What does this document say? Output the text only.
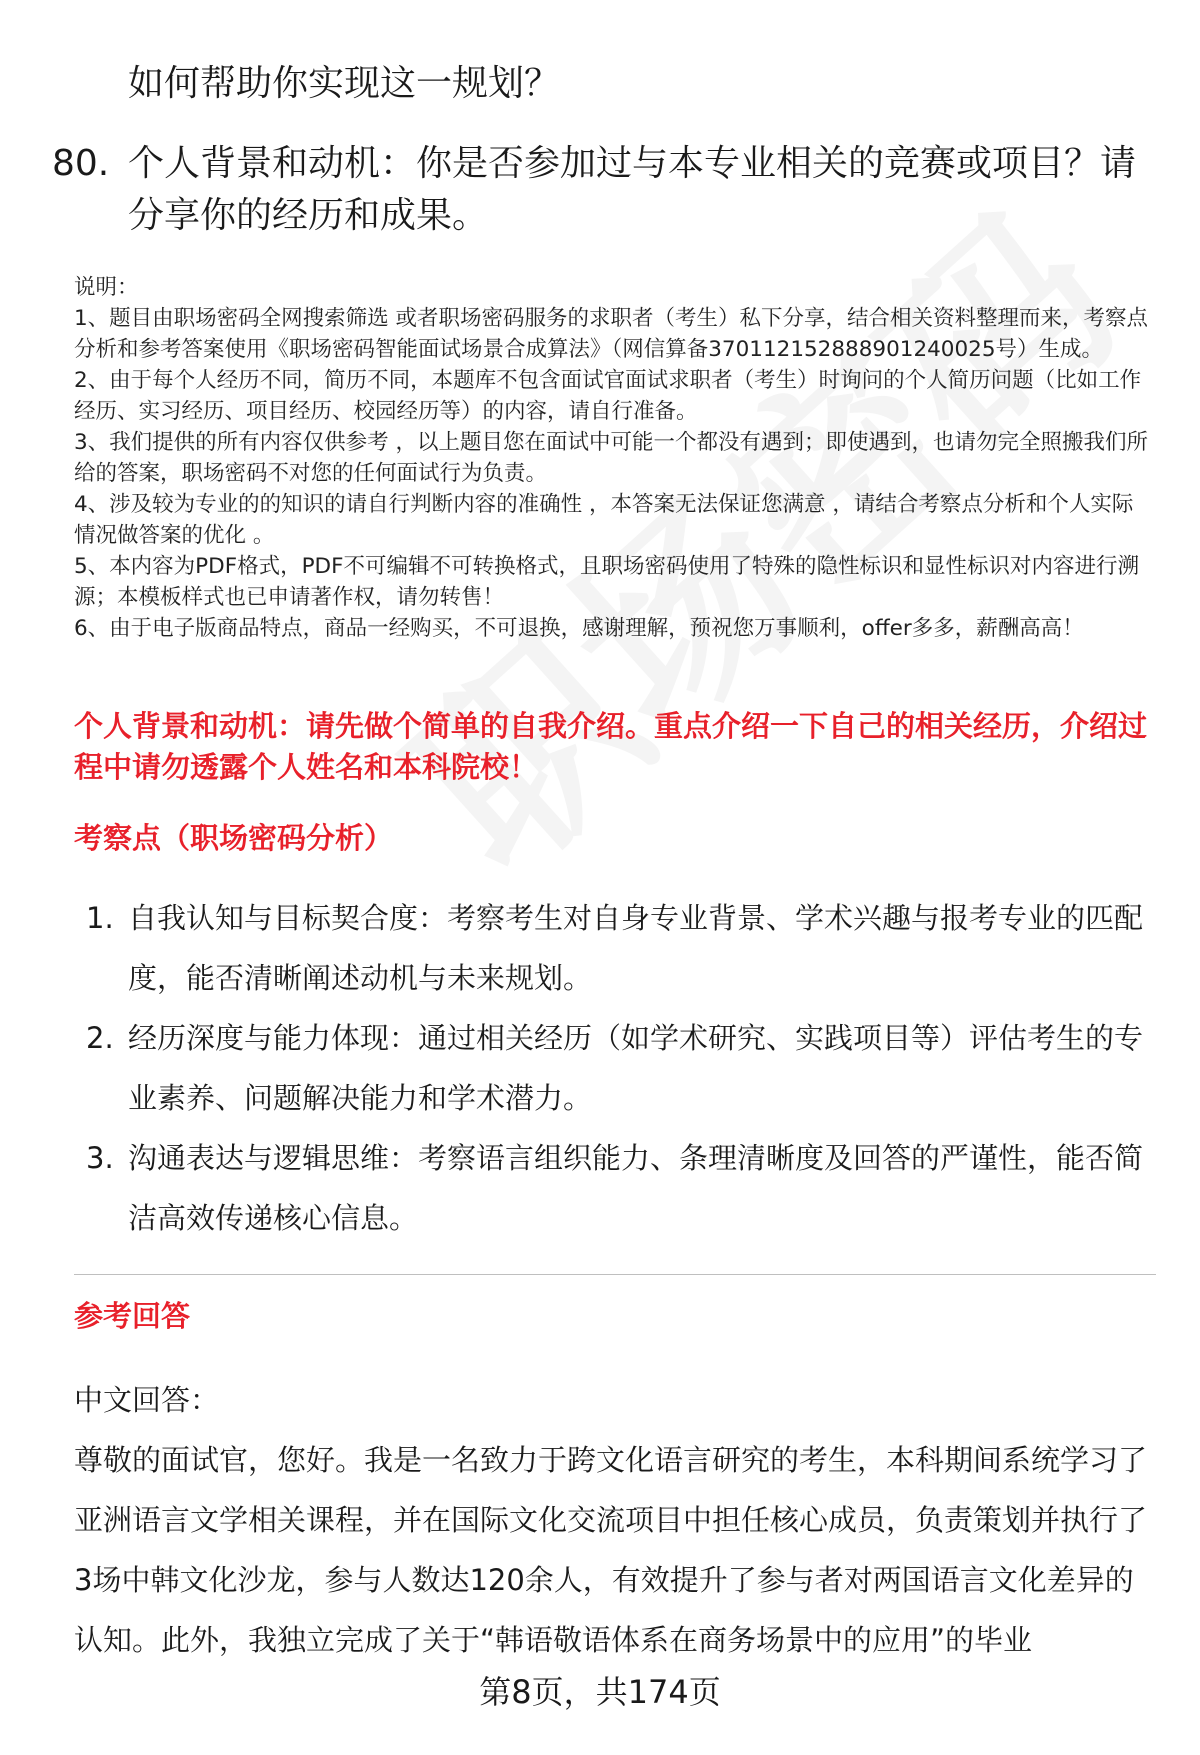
如何帮助你实现这一规划？
80. 个人背景和动机：你是否参加过与本专业相关的竞赛或项目？请分享你的经历和成果。

说明：

1、题目由职场密码全网搜索筛选 或者职场密码服务的求职者（考生）私下分享，结合相关资料整理而来，考察点分析和参考答案使用《职场密码智能面试场景合成算法》（网信算备370112152888901240025号）生成。

2、由于每个人经历不同，简历不同，本题库不包含面试官面试求职者（考生）时询问的个人简历问题（比如工作经历、实习经历、项目经历、校园经历等）的内容，请自行准备。

3、我们提供的所有内容仅供参考 ，以上题目您在面试中可能一个都没有遇到；即使遇到，也请勿完全照搬我们所给的答案，职场密码不对您的任何面试行为负责。

4、涉及较为专业的的知识的请自行判断内容的准确性 ，本答案无法保证您满意 ，请结合考察点分析和个人实际情况做答案的优化 。

5、本内容为PDF格式，PDF不可编辑不可转换格式，且职场密码使用了特殊的隐性标识和显性标识对内容进行溯源；本模板样式也已申请著作权，请勿转售！

6、由于电子版商品特点，商品一经购买，不可退换，感谢理解，预祝您万事顺利，offer多多，薪酬高高！

个人背景和动机：请先做个简单的自我介绍。重点介绍一下自己的相关经历，介绍过程中请勿透露个人姓名和本科院校！
考察点（职场密码分析）
1. 自我认知与目标契合度：考察考生对自身专业背景、学术兴趣与报考专业的匹配度，能否清晰阐述动机与未来规划。
2. 经历深度与能力体现：通过相关经历（如学术研究、实践项目等）评估考生的专业素养、问题解决能力和学术潜力。
3. 沟通表达与逻辑思维：考察语言组织能力、条理清晰度及回答的严谨性，能否简洁高效传递核心信息。
参考回答

中文回答：

尊敬的面试官，您好。我是一名致力于跨文化语言研究的考生，本科期间系统学习了亚洲语言文学相关课程，并在国际文化交流项目中担任核心成员，负责策划并执行了3场中韩文化沙龙，参与人数达120余人，有效提升了参与者对两国语言文化差异的认知。此外，我独立完成了关于“韩语敬语体系在商务场景中的应用”的毕业

第8页，共174页
